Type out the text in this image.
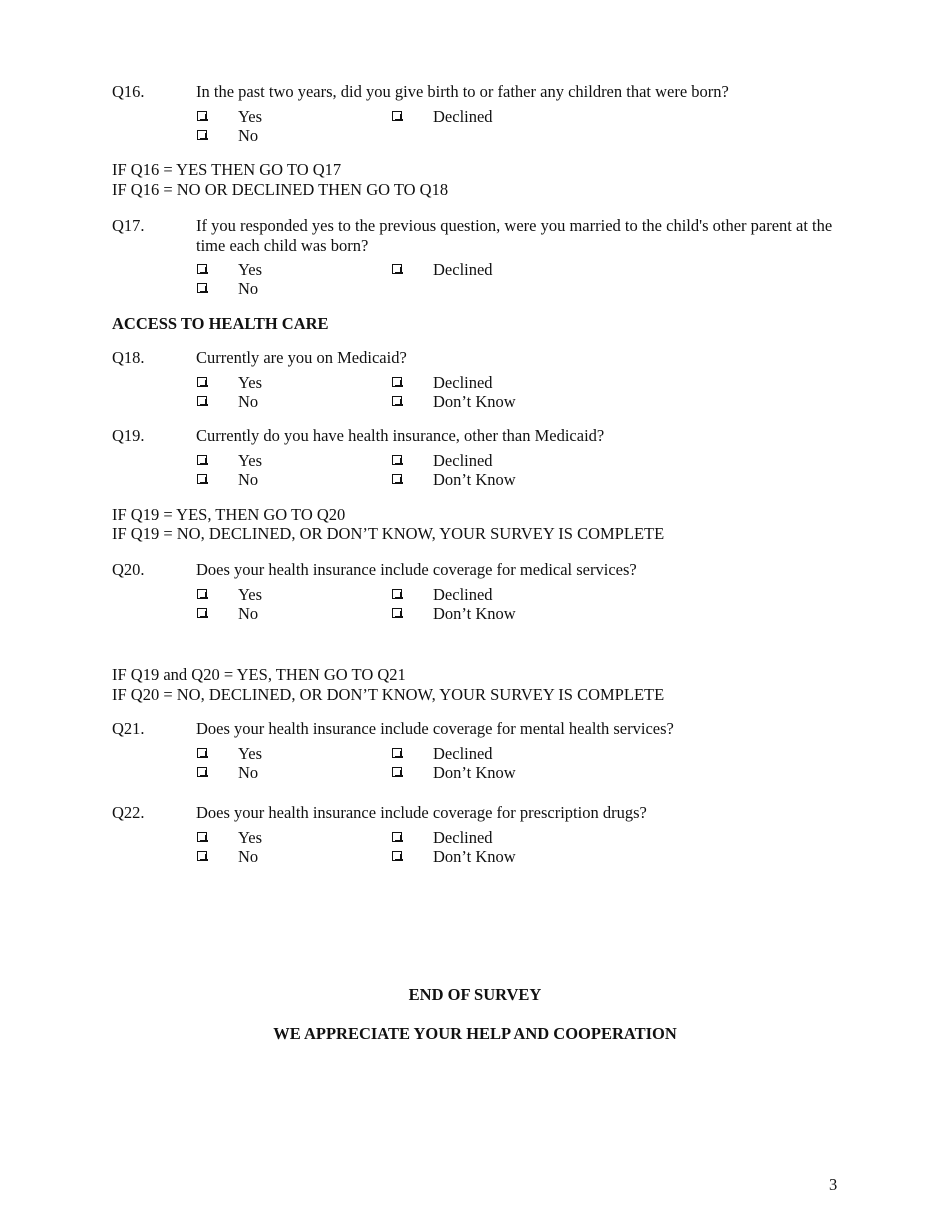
Q16.	In the past two years, did you give birth to or father any children that were born?
Yes	Declined
No
IF Q16 = YES THEN GO TO Q17
IF Q16 = NO OR DECLINED THEN GO TO Q18
Q17.	If you responded yes to the previous question, were you married to the child's other parent at the time each child was born?
Yes	Declined
No
ACCESS TO HEALTH CARE
Q18.	Currently are you on Medicaid?
Yes	Declined
No	Don’t Know
Q19.	Currently do you have health insurance, other than Medicaid?
Yes	Declined
No	Don’t Know
IF Q19 = YES, THEN GO TO Q20
IF Q19 = NO, DECLINED, OR DON’T KNOW, YOUR SURVEY IS COMPLETE
Q20.	Does your health insurance include coverage for medical services?
Yes	Declined
No	Don’t Know
IF Q19 and Q20 = YES, THEN GO TO Q21
IF Q20 = NO, DECLINED, OR DON’T KNOW, YOUR SURVEY IS COMPLETE
Q21.	Does your health insurance include coverage for mental health services?
Yes	Declined
No	Don’t Know
Q22.	Does your health insurance include coverage for prescription drugs?
Yes	Declined
No	Don’t Know
END OF SURVEY
WE APPRECIATE YOUR HELP AND COOPERATION
3
